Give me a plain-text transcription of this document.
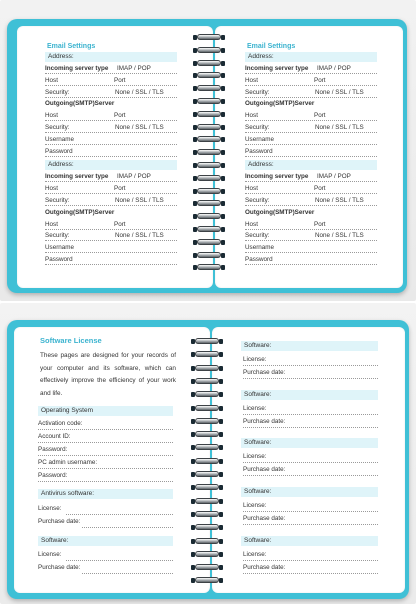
Email Settings
Address:
Incoming server type IMAP / POP
Host	Port
Security:	None / SSL / TLS
Outgoing(SMTP)Server
Host	Port
Security:	None / SSL / TLS
Username
Password
Address:
Incoming server type IMAP / POP
Host	Port
Security:	None / SSL / TLS
Outgoing(SMTP)Server
Host	Port
Security:	None / SSL / TLS
Username
Password
Email Settings
Address:
Incoming server type IMAP / POP
Host	Port
Security:	None / SSL / TLS
Outgoing(SMTP)Server
Host	Port
Security:	None / SSL / TLS
Username
Password
Address:
Incoming server type IMAP / POP
Host	Port
Security:	None / SSL / TLS
Outgoing(SMTP)Server
Host	Port
Security:	None / SSL / TLS
Username
Password
Software License
These pages are designed for your records of your computer and its software, which can effectively improve the efficiency of your work and life.
Operating System
Activation code:
Account ID:
Password:
PC admin username:
Password:
Antivirus software:
License:
Purchase date:
Software:
License:
Purchase date:
Software:
License:
Purchase date:
Software:
License:
Purchase date:
Software:
License:
Purchase date:
Software:
License:
Purchase date:
Software:
License:
Purchase date:
